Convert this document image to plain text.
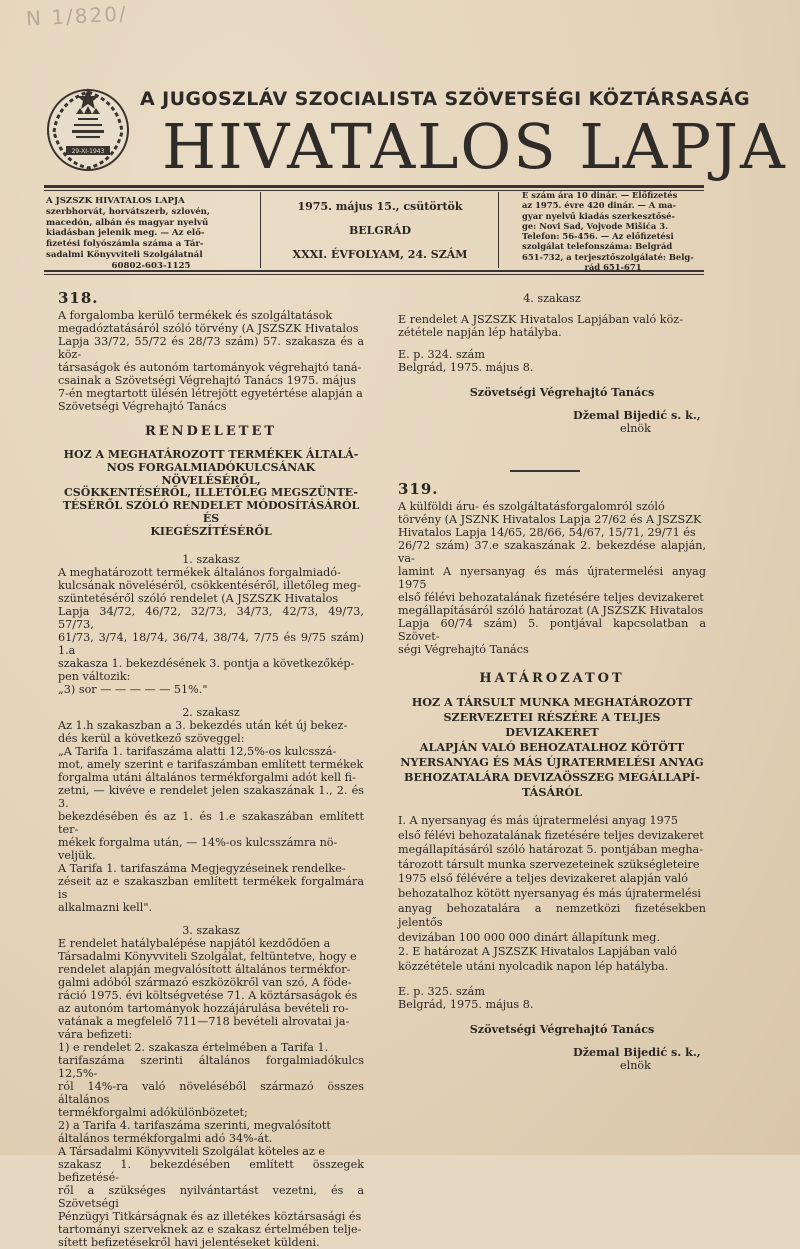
N 1/820/
29-XI-1943
A JUGOSZLÁV SZOCIALISTA SZÖVETSÉGI KÖZTÁRSASÁG
HIVATALOS LAPJA
A JSZSZK HIVATALOS LAPJA
szerbhorvát, horvátszerb, szlovén,
macedón, albán és magyar nyelvű
kiadásban jelenik meg. — Az elő-
fizetési folyószámla száma a Tár-
sadalmi Könyvviteli Szolgálatnál
60802-603-1125
1975. május 15., csütörtök
BELGRÁD
XXXI. ÉVFOLYAM, 24. SZÁM
E szám ára 10 dinár. — Előfizetés
az 1975. évre 420 dinár. — A ma-
gyar nyelvű kiadás szerkesztősé-
ge: Novi Sad, Vojvode Mišića 3.
Telefon: 56-456. — Az előfizetési
szolgálat telefonszáma: Belgrád
651-732, a terjesztőszolgálaté: Belg-
rád 651-671
318.

A forgalomba kerülő termékek és szolgáltatások

megadóztatásáról szóló törvény (A JSZSZK Hivatalos

Lapja 33/72, 55/72 és 28/73 szám) 57. szakasza és a köz-

társaságok és autonóm tartományok végrehajtó taná-

csainak a Szövetségi Végrehajtó Tanács 1975. május

7-én megtartott ülésén létrejött egyetértése alapján a

Szövetségi Végrehajtó Tanács

RENDELETET
HOZ A MEGHATÁROZOTT TERMÉKEK ÁLTALÁ-
NOS FORGALMIADÓKULCSÁNAK NÖVELÉSÉRŐL,
CSÖKKENTÉSÉRŐL, ILLETŐLEG MEGSZÜNTE-
TÉSÉRŐL SZÓLÓ RENDELET MÓDOSÍTÁSÁRÓL ÉS
KIEGÉSZÍTÉSÉRŐL
1. szakasz

A meghatározott termékek általános forgalmiadó-

kulcsának növeléséről, csökkentéséről, illetőleg meg-

szüntetéséről szóló rendelet (A JSZSZK Hivatalos

Lapja 34/72, 46/72, 32/73, 34/73, 42/73, 49/73, 57/73,

61/73, 3/74, 18/74, 36/74, 38/74, 7/75 és 9/75 szám) 1.a

szakasza 1. bekezdésének 3. pontja a következőkép-

pen változik:

„3) sor — — — — — 51%."

2. szakasz

Az 1.h szakaszban a 3. bekezdés után két új bekez-

dés kerül a következő szöveggel:

„A Tarifa 1. tarifaszáma alatti 12,5%-os kulcsszá-

mot, amely szerint e tarifaszámban említett termékek

forgalma utáni általános termékforgalmi adót kell fi-

zetni, — kivéve e rendelet jelen szakaszának 1., 2. és 3.

bekezdésében és az 1. és 1.e szakaszában említett ter-

mékek forgalma után, — 14%-os kulcsszámra nö-

veljük.

A Tarifa 1. tarifaszáma Megjegyzéseinek rendelke-

zéseit az e szakaszban említett termékek forgalmára is

alkalmazni kell".

3. szakasz

E rendelet hatálybalépése napjától kezdődően a

Társadalmi Könyvviteli Szolgálat, feltüntetve, hogy e

rendelet alapján megvalósított általános termékfor-

galmi adóból származó eszközökről van szó, A föde-

ráció 1975. évi költségvetése 71. A köztársaságok és

az autonóm tartományok hozzájárulása bevételi ro-

vatának a megfelelő 711—718 bevételi alrovatai ja-

vára befizeti:

1) e rendelet 2. szakasza értelmében a Tarifa 1.

tarifaszáma szerinti általános forgalmiadókulcs 12,5%-

ról 14%-ra való növeléséből származó összes általános

termékforgalmi adókülönbözetet;

2) a Tarifa 4. tarifaszáma szerinti, megvalósított

általános termékforgalmi adó 34%-át.

A Társadalmi Könyvviteli Szolgálat köteles az e

szakasz 1. bekezdésében említett összegek befizetésé-

ről a szükséges nyilvántartást vezetni, és a Szövetségi

Pénzügyi Titkárságnak és az illetékes köztársasági és

tartományi szerveknek az e szakasz értelmében telje-

sített befizetésekről havi jelentéseket küldeni.

4. szakasz

E rendelet A JSZSZK Hivatalos Lapjában való köz-

zététele napján lép hatályba.

E. p. 324. szám
Belgrád, 1975. május 8.
Szövetségi Végrehajtó Tanács
Džemal Bijedić s. k.,
elnök
319.

A külföldi áru- és szolgáltatásforgalomról szóló

törvény (A JSZNK Hivatalos Lapja 27/62 és A JSZSZK

Hivatalos Lapja 14/65, 28/66, 54/67, 15/71, 29/71 és

26/72 szám) 37.e szakaszának 2. bekezdése alapján, va-

lamint A nyersanyag és más újratermelési anyag 1975

első félévi behozatalának fizetésére teljes devizakeret

megállapításáról szóló határozat (A JSZSZK Hivatalos

Lapja 60/74 szám) 5. pontjával kapcsolatban a Szövet-

ségi Végrehajtó Tanács

HATÁROZATOT
HOZ A TÁRSULT MUNKA MEGHATÁROZOTT
SZERVEZETEI RÉSZÉRE A TELJES DEVIZAKERET
ALAPJÁN VALÓ BEHOZATALHOZ KÖTÖTT
NYERSANYAG ÉS MÁS ÚJRATERMELÉSI ANYAG
BEHOZATALÁRA DEVIZAÖSSZEG MEGÁLLAPÍ-
TÁSÁRÓL

I. A nyersanyag és más újratermelési anyag 1975

első félévi behozatalának fizetésére teljes devizakeret

megállapításáról szóló határozat 5. pontjában megha-

tározott társult munka szervezeteinek szükségleteire

1975 első félévére a teljes devizakeret alapján való

behozatalhoz kötött nyersanyag és más újratermelési

anyag behozatalára a nemzetközi fizetésekben jelentős

devizában 100 000 000 dinárt állapítunk meg.

2. E határozat A JSZSZK Hivatalos Lapjában való

közzététele utáni nyolcadik napon lép hatályba.

E. p. 325. szám
Belgrád, 1975. május 8.
Szövetségi Végrehajtó Tanács
Džemal Bijedić s. k.,
elnök
